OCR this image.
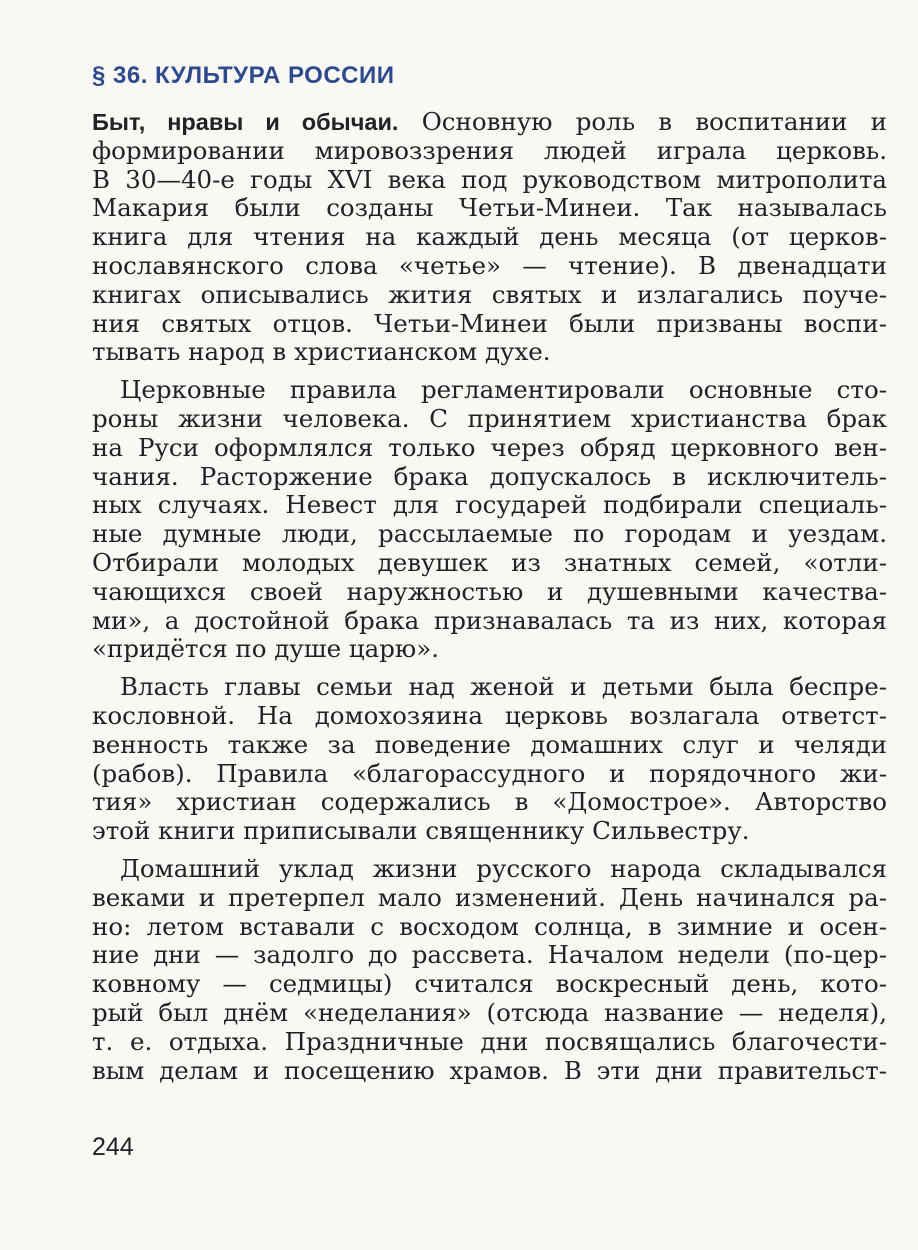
§ 36. КУЛЬТУРА РОССИИ
Быт, нравы и обычаи. Основную роль в воспитании и
формировании мировоззрения людей играла церковь.
В 30—40-е годы XVI века под руководством митрополита
Макария были созданы Четьи-Минеи. Так называлась
книга для чтения на каждый день месяца (от церков-
нославянского слова «четье» — чтение). В двенадцати
книгах описывались жития святых и излагались поуче-
ния святых отцов. Четьи-Минеи были призваны воспи-
тывать народ в христианском духе.
Церковные правила регламентировали основные сто-
роны жизни человека. С принятием христианства брак
на Руси оформлялся только через обряд церковного вен-
чания. Расторжение брака допускалось в исключитель-
ных случаях. Невест для государей подбирали специаль-
ные думные люди, рассылаемые по городам и уездам.
Отбирали молодых девушек из знатных семей, «отли-
чающихся своей наружностью и душевными качества-
ми», а достойной брака признавалась та из них, которая
«придётся по душе царю».
Власть главы семьи над женой и детьми была беспре-
кословной. На домохозяина церковь возлагала ответст-
венность также за поведение домашних слуг и челяди
(рабов). Правила «благорассудного и порядочного жи-
тия» христиан содержались в «Домострое». Авторство
этой книги приписывали священнику Сильвестру.
Домашний уклад жизни русского народа складывался
веками и претерпел мало изменений. День начинался ра-
но: летом вставали с восходом солнца, в зимние и осен-
ние дни — задолго до рассвета. Началом недели (по-цер-
ковному — седмицы) считался воскресный день, кото-
рый был днём «неделания» (отсюда название — неделя),
т. е. отдыха. Праздничные дни посвящались благочести-
вым делам и посещению храмов. В эти дни правительст-
244
